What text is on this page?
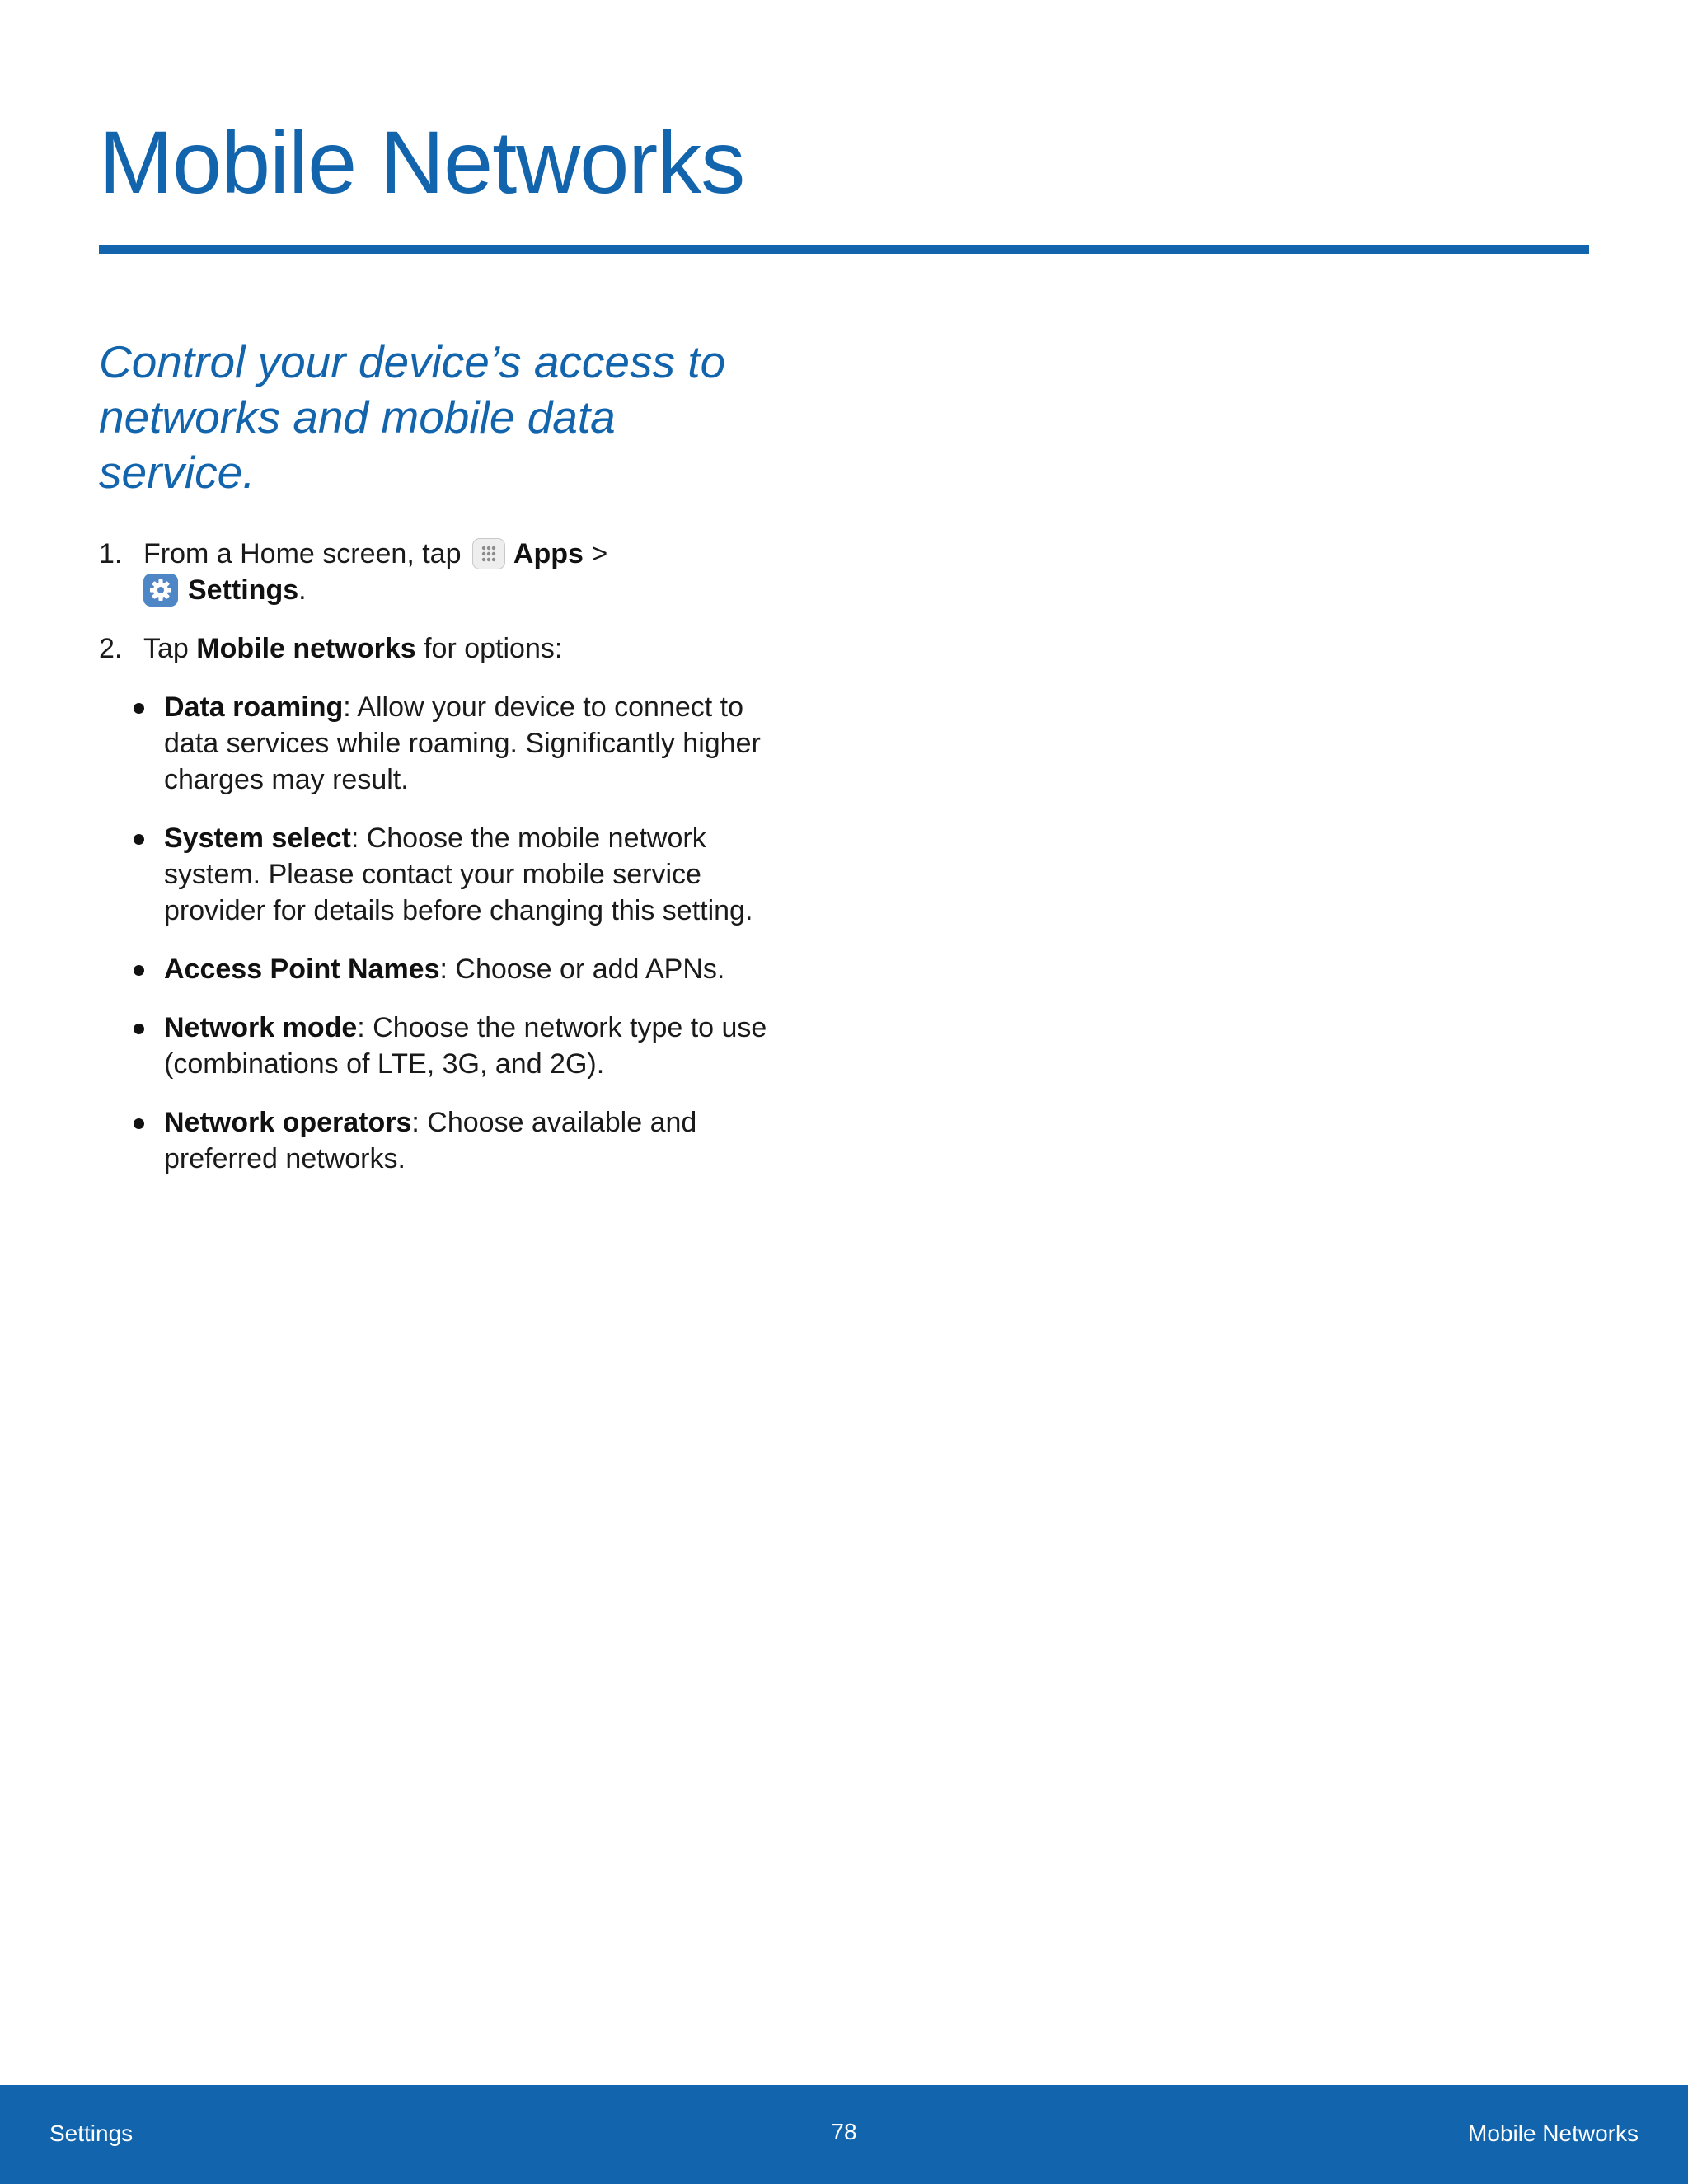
Mobile Networks

Control your device’s access to networks and mobile data service.

1. From a Home screen, tap
Apps >

Settings.
2. Tap Mobile networks for options:
Data roaming: Allow your device to connect to data services while roaming. Significantly higher charges may result.
System select: Choose the mobile network system. Please contact your mobile service provider for details before changing this setting.
Access Point Names: Choose or add APNs.
Network mode: Choose the network type to use (combinations of LTE, 3G, and 2G).
Network operators: Choose available and preferred networks.
Settings	78	Mobile Networks
